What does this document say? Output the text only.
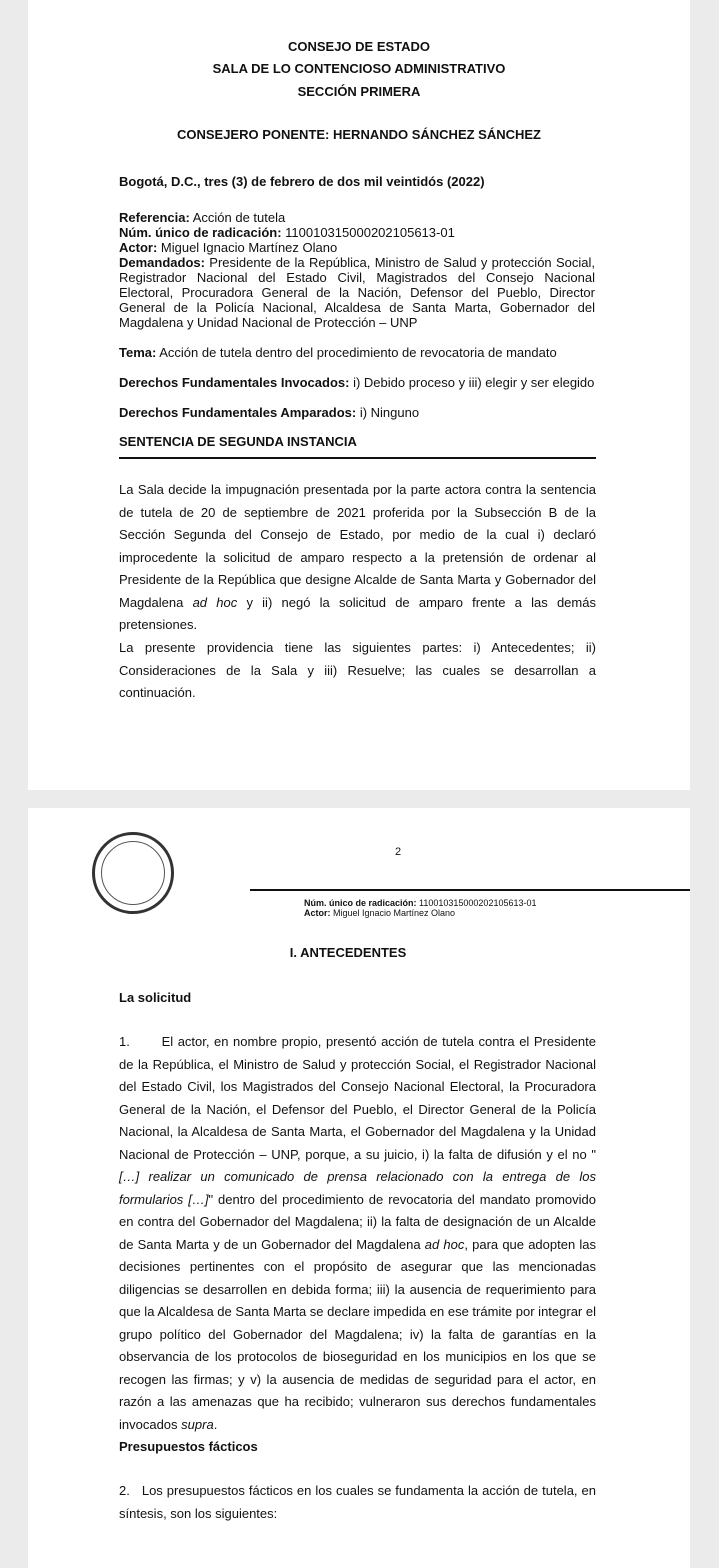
CONSEJO DE ESTADO
SALA DE LO CONTENCIOSO ADMINISTRATIVO
SECCIÓN PRIMERA
CONSEJERO PONENTE: HERNANDO SÁNCHEZ SÁNCHEZ
Bogotá, D.C., tres (3) de febrero de dos mil veintidós (2022)
Referencia: Acción de tutela
Núm. único de radicación: 110010315000202105613-01
Actor: Miguel Ignacio Martínez Olano
Demandados: Presidente de la República, Ministro de Salud y protección Social, Registrador Nacional del Estado Civil, Magistrados del Consejo Nacional Electoral, Procuradora General de la Nación, Defensor del Pueblo, Director General de la Policía Nacional, Alcaldesa de Santa Marta, Gobernador del Magdalena y Unidad Nacional de Protección – UNP
Tema: Acción de tutela dentro del procedimiento de revocatoria de mandato
Derechos Fundamentales Invocados: i) Debido proceso y iii) elegir y ser elegido
Derechos Fundamentales Amparados: i) Ninguno
SENTENCIA DE SEGUNDA INSTANCIA
La Sala decide la impugnación presentada por la parte actora contra la sentencia de tutela de 20 de septiembre de 2021 proferida por la Subsección B de la Sección Segunda del Consejo de Estado, por medio de la cual i) declaró improcedente la solicitud de amparo respecto a la pretensión de ordenar al Presidente de la República que designe Alcalde de Santa Marta y Gobernador del Magdalena ad hoc y ii) negó la solicitud de amparo frente a las demás pretensiones.
La presente providencia tiene las siguientes partes: i) Antecedentes; ii) Consideraciones de la Sala y iii) Resuelve; las cuales se desarrollan a continuación.
2
Núm. único de radicación: 110010315000202105613-01
Actor: Miguel Ignacio Martínez Olano
I. ANTECEDENTES
La solicitud
1.       El actor, en nombre propio, presentó acción de tutela contra el Presidente de la República, el Ministro de Salud y protección Social, el Registrador Nacional del Estado Civil, los Magistrados del Consejo Nacional Electoral, la Procuradora General de la Nación, el Defensor del Pueblo, el Director General de la Policía Nacional, la Alcaldesa de Santa Marta, el Gobernador del Magdalena y la Unidad Nacional de Protección – UNP, porque, a su juicio, i) la falta de difusión y el no "[…] realizar un comunicado de prensa relacionado con la entrega de los formularios […]" dentro del procedimiento de revocatoria del mandato promovido en contra del Gobernador del Magdalena; ii) la falta de designación de un Alcalde de Santa Marta y de un Gobernador del Magdalena ad hoc, para que adopten las decisiones pertinentes con el propósito de asegurar que las mencionadas diligencias se desarrollen en debida forma; iii) la ausencia de requerimiento para que la Alcaldesa de Santa Marta se declare impedida en ese trámite por integrar el grupo político del Gobernador del Magdalena; iv) la falta de garantías en la observancia de los protocolos de bioseguridad en los municipios en los que se recogen las firmas; y v) la ausencia de medidas de seguridad para el actor, en razón a las amenazas que ha recibido; vulneraron sus derechos fundamentales invocados supra.
Presupuestos fácticos
2.   Los presupuestos fácticos en los cuales se fundamenta la acción de tutela, en síntesis, son los siguientes:
